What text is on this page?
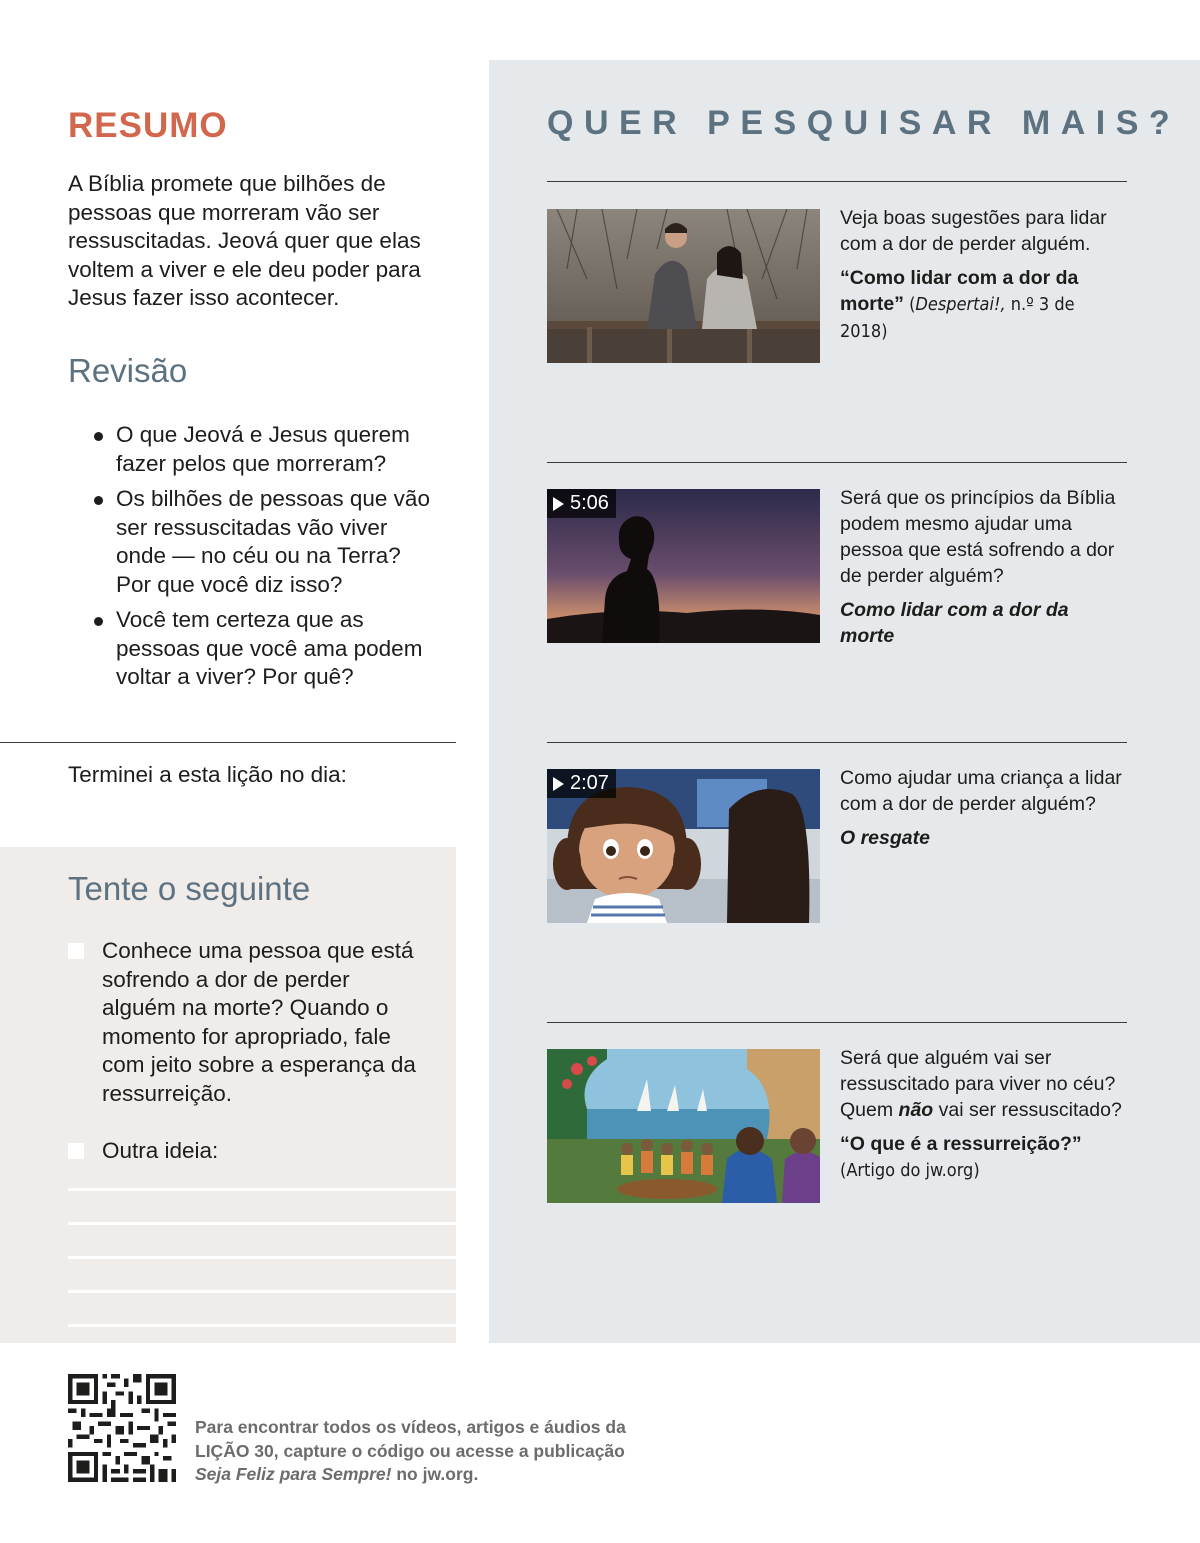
RESUMO

A Bíblia promete que bilhões de pessoas que morreram vão ser ressuscitadas. Jeová quer que elas voltem a viver e ele deu poder para Jesus fazer isso acontecer.

Revisão
O que Jeová e Jesus querem fazer pelos que morreram?
Os bilhões de pessoas que vão ser ressuscitadas vão viver onde — no céu ou na Terra? Por que você diz isso?
Você tem certeza que as pessoas que você ama podem voltar a viver? Por quê?

Terminei a esta lição no dia:

Tente o seguinte
Conhece uma pessoa que está sofrendo a dor de perder alguém na morte? Quando o momento for apropriado, fale com jeito sobre a esperança da ressurreição.
Outra ideia:
QUER PESQUISAR MAIS?

Veja boas sugestões para lidar com a dor de perder alguém.

“Como lidar com a dor da morte” (Despertai!, n.º 3 de 2018)

5:06	Será que os princípios da Bíblia podem mesmo ajudar uma pessoa que está sofrendo a dor de perder alguém?

Como lidar com a dor da morte

2:07	Como ajudar uma criança a lidar com a dor de perder alguém?

O resgate

Será que alguém vai ser ressuscitado para viver no céu? Quem não vai ser ressuscitado?

“O que é a ressurreição?”
(Artigo do jw.org)

Para encontrar todos os vídeos, artigos e áudios da LIÇÃO 30, capture o código ou acesse a publicação Seja Feliz para Sempre! no jw.org.
